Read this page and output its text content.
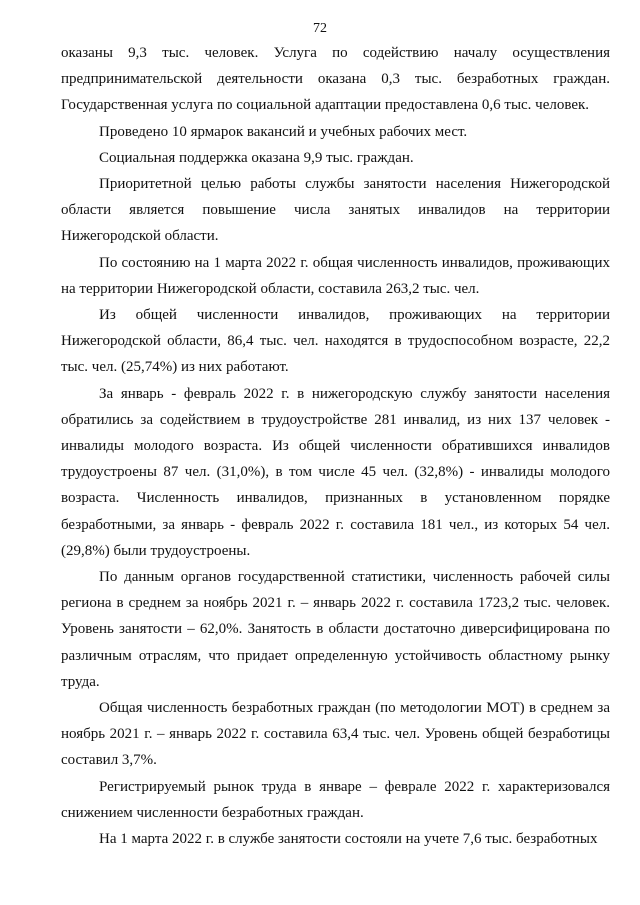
72

оказаны 9,3 тыс. человек. Услуга по содействию началу осуществления предпринимательской деятельности оказана 0,3 тыс. безработных граждан. Государственная услуга по социальной адаптации предоставлена 0,6 тыс. человек.

Проведено 10 ярмарок вакансий и учебных рабочих мест.

Социальная поддержка оказана 9,9 тыс. граждан.

Приоритетной целью работы службы занятости населения Нижегородской области является повышение числа занятых инвалидов на территории Нижегородской области.

По состоянию на 1 марта 2022 г. общая численность инвалидов, проживающих на территории Нижегородской области, составила 263,2 тыс. чел.

Из общей численности инвалидов, проживающих на территории Нижегородской области, 86,4 тыс. чел. находятся в трудоспособном возрасте, 22,2 тыс. чел. (25,74%) из них работают.

За январь - февраль 2022 г. в нижегородскую службу занятости населения обратились за содействием в трудоустройстве 281 инвалид, из них 137 человек - инвалиды молодого возраста. Из общей численности обратившихся инвалидов трудоустроены 87 чел. (31,0%), в том числе 45 чел. (32,8%) - инвалиды молодого возраста. Численность инвалидов, признанных в установленном порядке безработными, за январь - февраль 2022 г. составила 181 чел., из которых 54 чел. (29,8%) были трудоустроены.

По данным органов государственной статистики, численность рабочей силы региона в среднем за ноябрь 2021 г. – январь 2022 г. составила 1723,2 тыс. человек. Уровень занятости – 62,0%. Занятость в области достаточно диверсифицирована по различным отраслям, что придает определенную устойчивость областному рынку труда.

Общая численность безработных граждан (по методологии МОТ) в среднем за ноябрь 2021 г. – январь 2022 г. составила 63,4 тыс. чел. Уровень общей безработицы составил 3,7%.

Регистрируемый рынок труда в январе – феврале 2022 г. характеризовался снижением численности безработных граждан.

На 1 марта 2022 г. в службе занятости состояли на учете 7,6 тыс. безработных
